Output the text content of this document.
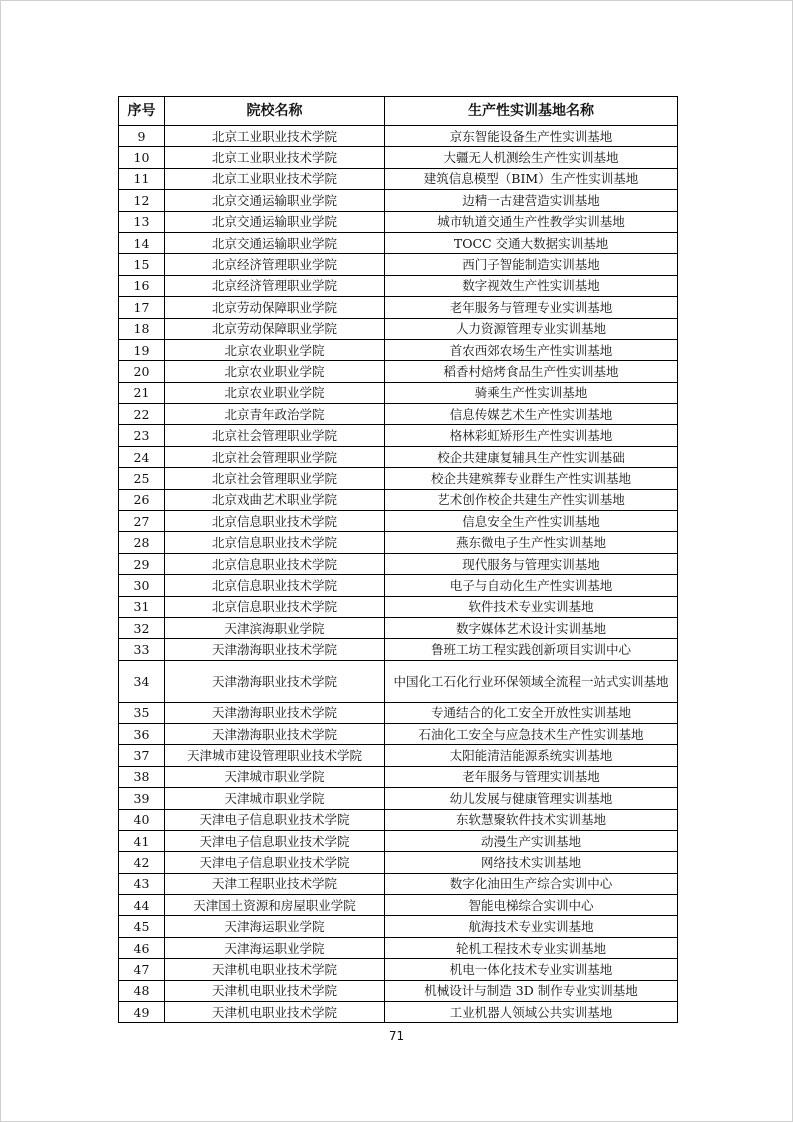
序号	院校名称	生产性实训基地名称
9	北京工业职业技术学院	京东智能设备生产性实训基地
10	北京工业职业技术学院	大疆无人机测绘生产性实训基地
11	北京工业职业技术学院	建筑信息模型（BIM）生产性实训基地
12	北京交通运输职业学院	边精一古建营造实训基地
13	北京交通运输职业学院	城市轨道交通生产性教学实训基地
14	北京交通运输职业学院	TOCC 交通大数据实训基地
15	北京经济管理职业学院	西门子智能制造实训基地
16	北京经济管理职业学院	数字视效生产性实训基地
17	北京劳动保障职业学院	老年服务与管理专业实训基地
18	北京劳动保障职业学院	人力资源管理专业实训基地
19	北京农业职业学院	首农西郊农场生产性实训基地
20	北京农业职业学院	稻香村焙烤食品生产性实训基地
21	北京农业职业学院	骑乘生产性实训基地
22	北京青年政治学院	信息传媒艺术生产性实训基地
23	北京社会管理职业学院	格林彩虹矫形生产性实训基地
24	北京社会管理职业学院	校企共建康复辅具生产性实训基础
25	北京社会管理职业学院	校企共建殡葬专业群生产性实训基地
26	北京戏曲艺术职业学院	艺术创作校企共建生产性实训基地
27	北京信息职业技术学院	信息安全生产性实训基地
28	北京信息职业技术学院	燕东微电子生产性实训基地
29	北京信息职业技术学院	现代服务与管理实训基地
30	北京信息职业技术学院	电子与自动化生产性实训基地
31	北京信息职业技术学院	软件技术专业实训基地
32	天津滨海职业学院	数字媒体艺术设计实训基地
33	天津渤海职业技术学院	鲁班工坊工程实践创新项目实训中心
34	天津渤海职业技术学院	中国化工石化行业环保领域全流程一站式实训基地
35	天津渤海职业技术学院	专通结合的化工安全开放性实训基地
36	天津渤海职业技术学院	石油化工安全与应急技术生产性实训基地
37	天津城市建设管理职业技术学院	太阳能清洁能源系统实训基地
38	天津城市职业学院	老年服务与管理实训基地
39	天津城市职业学院	幼儿发展与健康管理实训基地
40	天津电子信息职业技术学院	东软慧聚软件技术实训基地
41	天津电子信息职业技术学院	动漫生产实训基地
42	天津电子信息职业技术学院	网络技术实训基地
43	天津工程职业技术学院	数字化油田生产综合实训中心
44	天津国土资源和房屋职业学院	智能电梯综合实训中心
45	天津海运职业学院	航海技术专业实训基地
46	天津海运职业学院	轮机工程技术专业实训基地
47	天津机电职业技术学院	机电一体化技术专业实训基地
48	天津机电职业技术学院	机械设计与制造 3D 制作专业实训基地
49	天津机电职业技术学院	工业机器人领域公共实训基地
71
